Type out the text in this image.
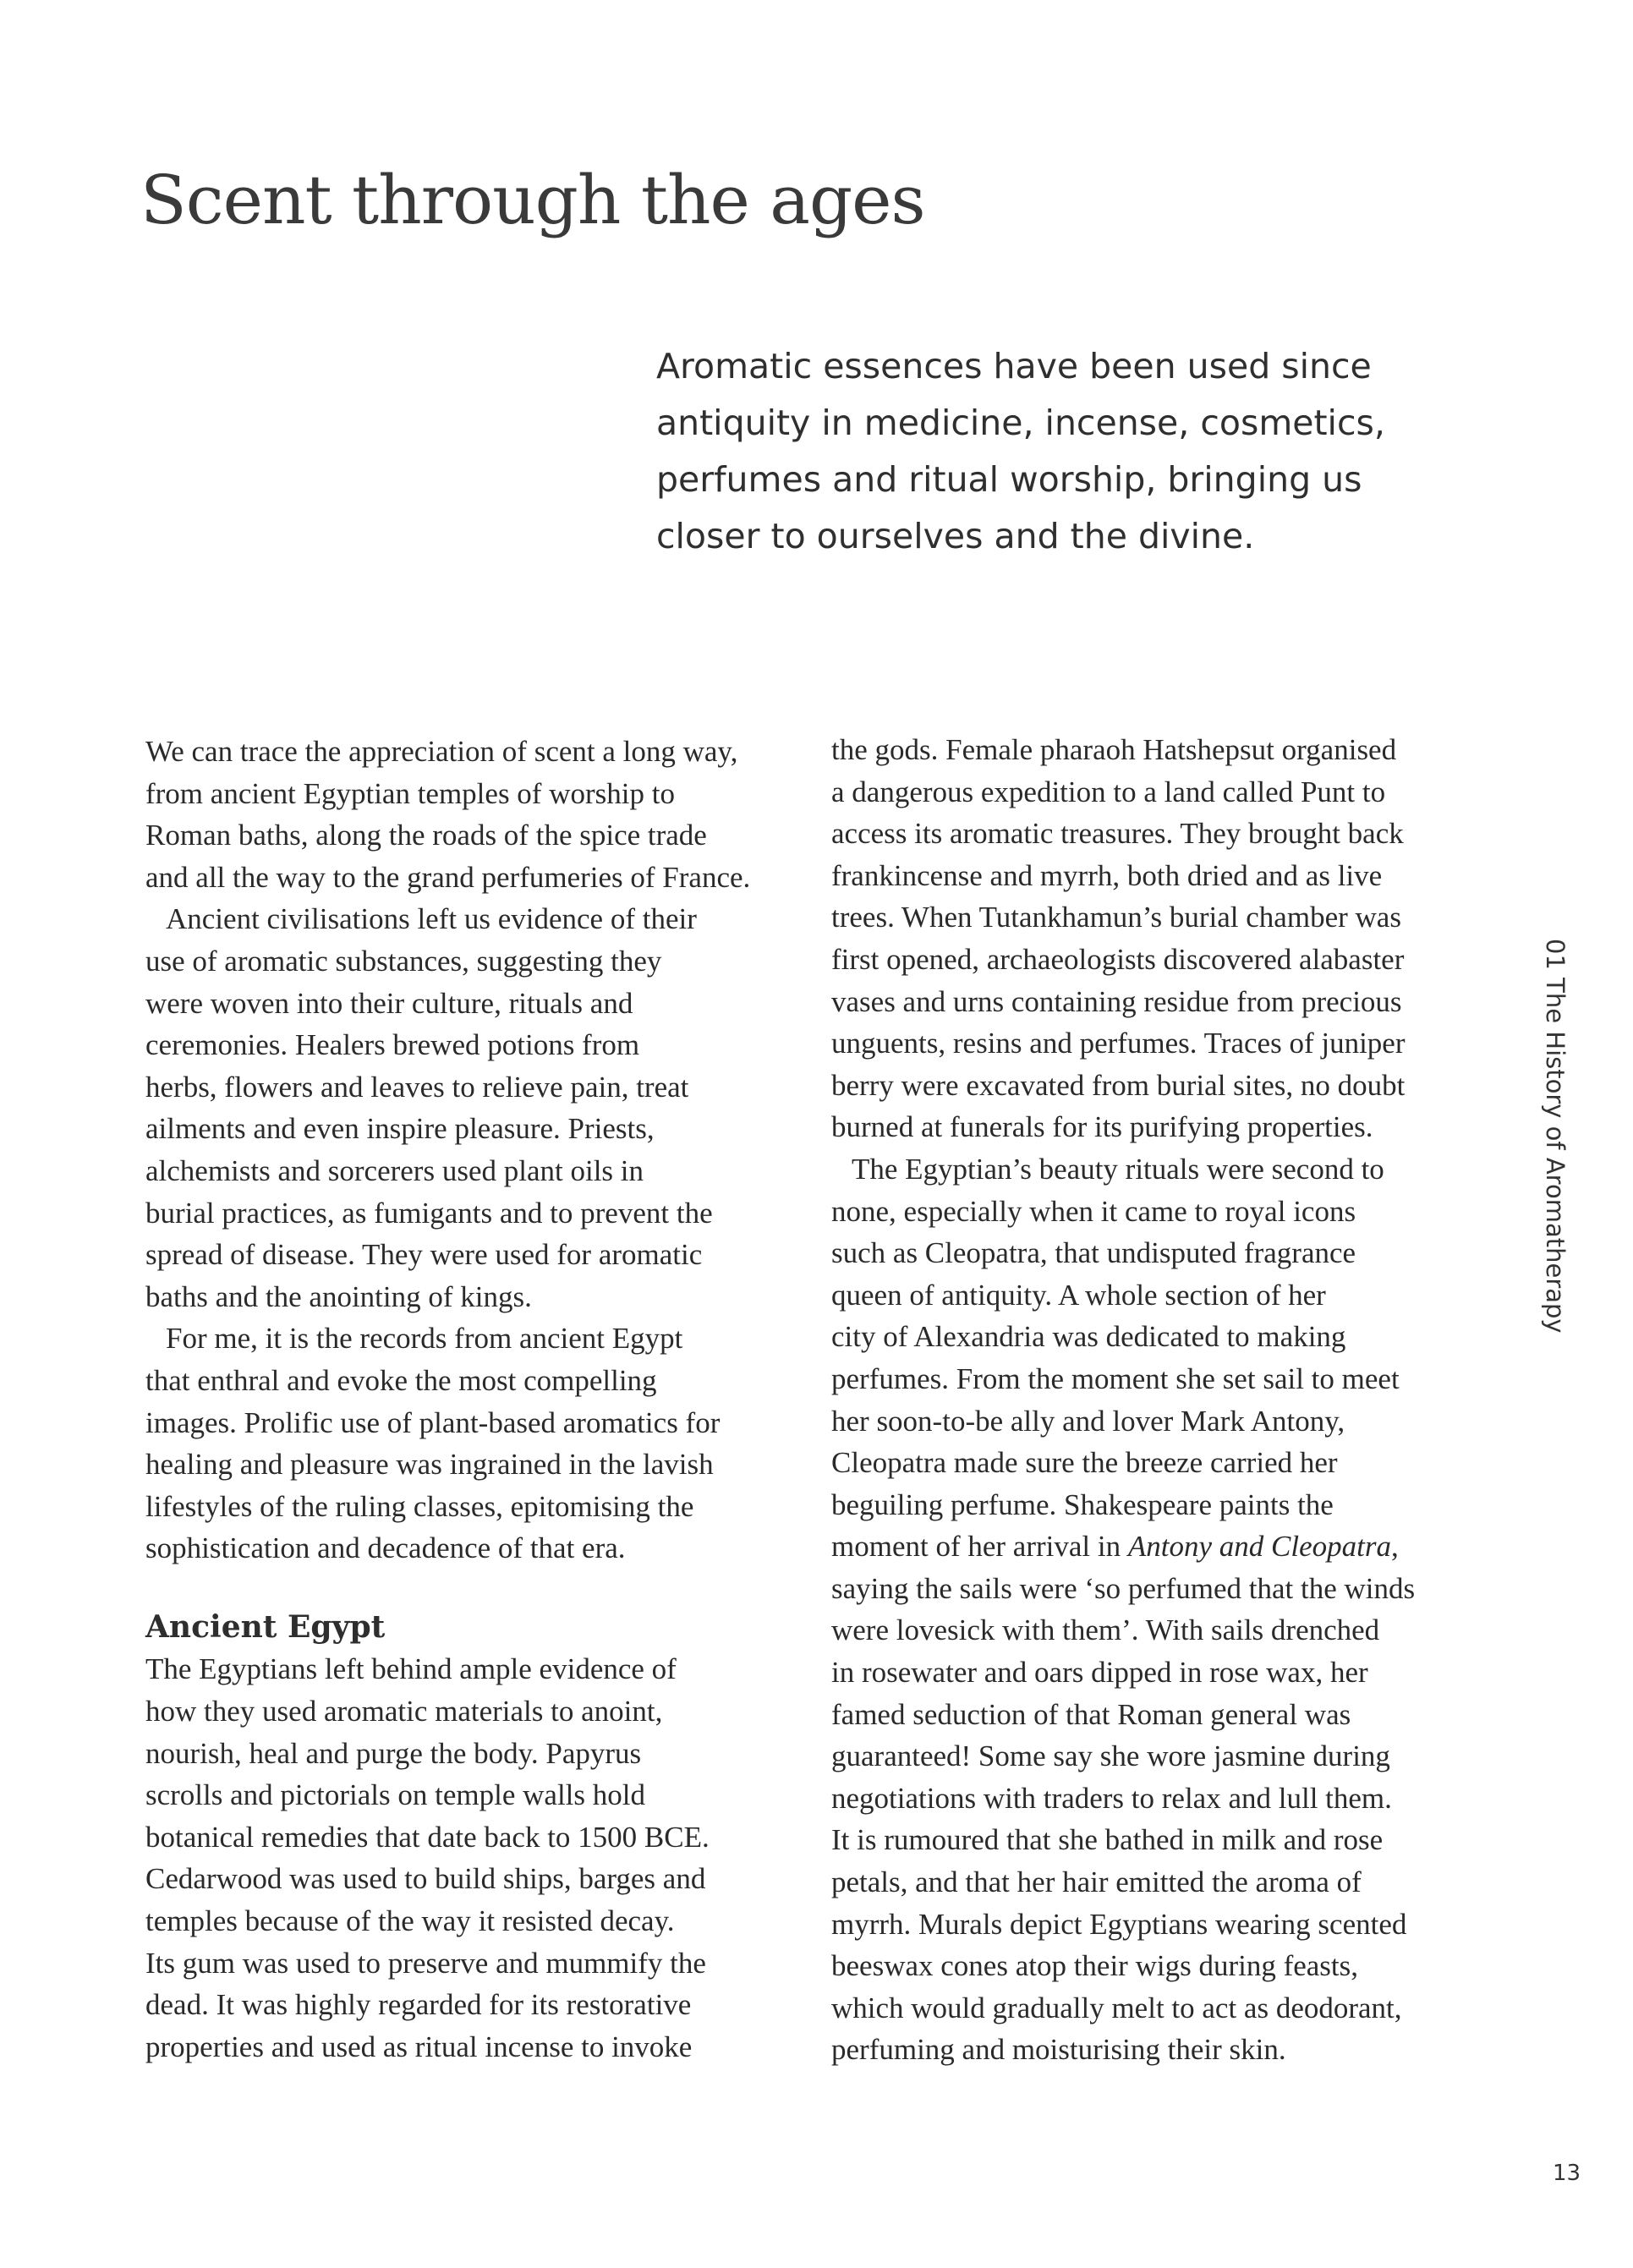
Scent through the ages

Aromatic essences have been used since
antiquity in medicine, incense, cosmetics,
perfumes and ritual worship, bringing us
closer to ourselves and the divine.

We can trace the appreciation of scent a long way,
from ancient Egyptian temples of worship to
Roman baths, along the roads of the spice trade
and all the way to the grand perfumeries of France.
Ancient civilisations left us evidence of their
use of aromatic substances, suggesting they
were woven into their culture, rituals and
ceremonies. Healers brewed potions from
herbs, flowers and leaves to relieve pain, treat
ailments and even inspire pleasure. Priests,
alchemists and sorcerers used plant oils in
burial practices, as fumigants and to prevent the
spread of disease. They were used for aromatic
baths and the anointing of kings.
For me, it is the records from ancient Egypt
that enthral and evoke the most compelling
images. Prolific use of plant-based aromatics for
healing and pleasure was ingrained in the lavish
lifestyles of the ruling classes, epitomising the
sophistication and decadence of that era.
Ancient Egypt
The Egyptians left behind ample evidence of
how they used aromatic materials to anoint,
nourish, heal and purge the body. Papyrus
scrolls and pictorials on temple walls hold
botanical remedies that date back to 1500 BCE.
Cedarwood was used to build ships, barges and
temples because of the way it resisted decay.
Its gum was used to preserve and mummify the
dead. It was highly regarded for its restorative
properties and used as ritual incense to invoke
the gods. Female pharaoh Hatshepsut organised
a dangerous expedition to a land called Punt to
access its aromatic treasures. They brought back
frankincense and myrrh, both dried and as live
trees. When Tutankhamun’s burial chamber was
first opened, archaeologists discovered alabaster
vases and urns containing residue from precious
unguents, resins and perfumes. Traces of juniper
berry were excavated from burial sites, no doubt
burned at funerals for its purifying properties.
The Egyptian’s beauty rituals were second to
none, especially when it came to royal icons
such as Cleopatra, that undisputed fragrance
queen of antiquity. A whole section of her
city of Alexandria was dedicated to making
perfumes. From the moment she set sail to meet
her soon-to-be ally and lover Mark Antony,
Cleopatra made sure the breeze carried her
beguiling perfume. Shakespeare paints the
moment of her arrival in Antony and Cleopatra,
saying the sails were ‘so perfumed that the winds
were lovesick with them’. With sails drenched
in rosewater and oars dipped in rose wax, her
famed seduction of that Roman general was
guaranteed! Some say she wore jasmine during
negotiations with traders to relax and lull them.
It is rumoured that she bathed in milk and rose
petals, and that her hair emitted the aroma of
myrrh. Murals depict Egyptians wearing scented
beeswax cones atop their wigs during feasts,
which would gradually melt to act as deodorant,
perfuming and moisturising their skin.
01 The History of Aromatherapy
13
